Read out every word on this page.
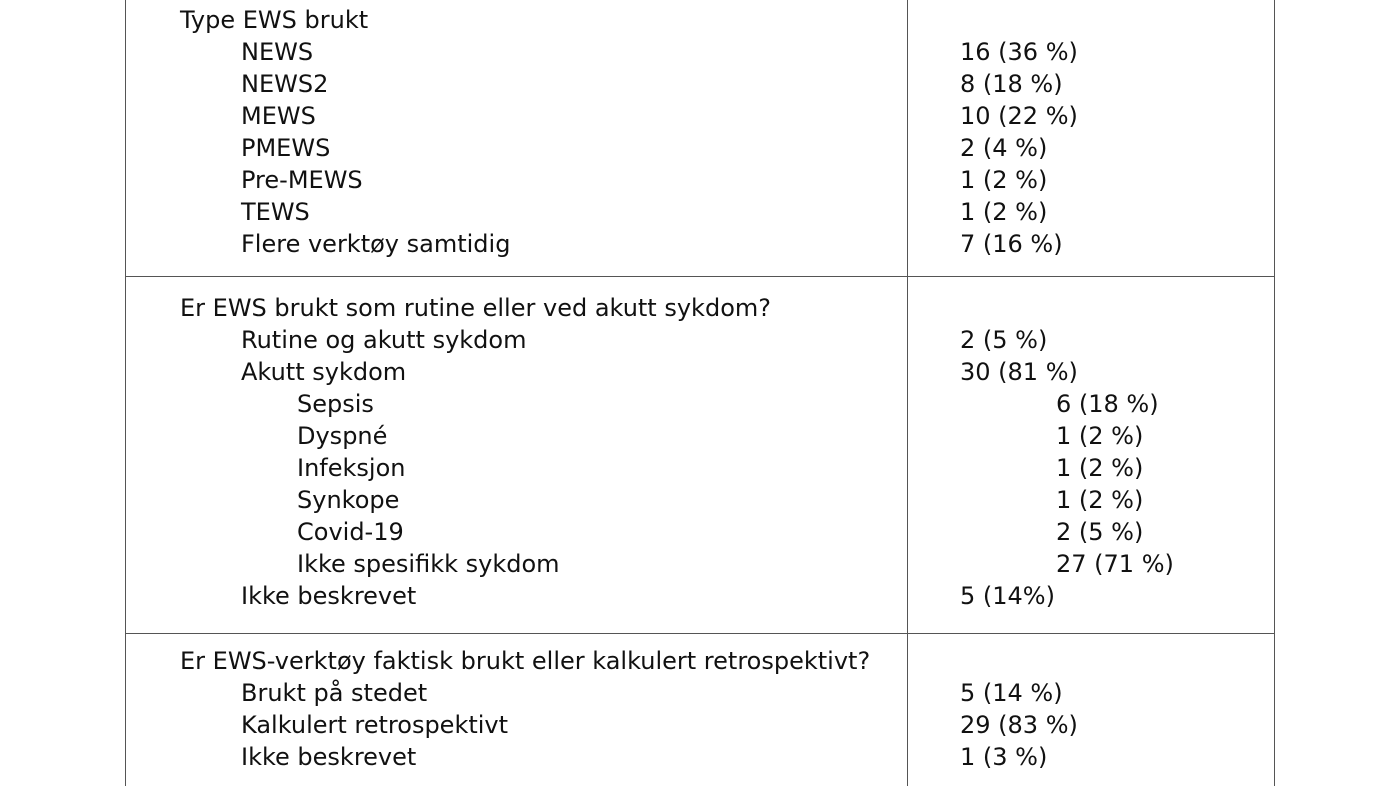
Type EWS brukt
NEWS	16 (36 %)
NEWS2	8 (18 %)
MEWS	10 (22 %)
PMEWS	2 (4 %)
Pre-MEWS	1 (2 %)
TEWS	1 (2 %)
Flere verktøy samtidig	7 (16 %)
Er EWS brukt som rutine eller ved akutt sykdom?
Rutine og akutt sykdom	2 (5 %)
Akutt sykdom	30 (81 %)
Sepsis	6 (18 %)
Dyspné	1 (2 %)
Infeksjon	1 (2 %)
Synkope	1 (2 %)
Covid-19	2 (5 %)
Ikke spesifikk sykdom	27 (71 %)
Ikke beskrevet	5 (14%)
Er EWS-verktøy faktisk brukt eller kalkulert retrospektivt?
Brukt på stedet	5 (14 %)
Kalkulert retrospektivt	29 (83 %)
Ikke beskrevet	1 (3 %)
